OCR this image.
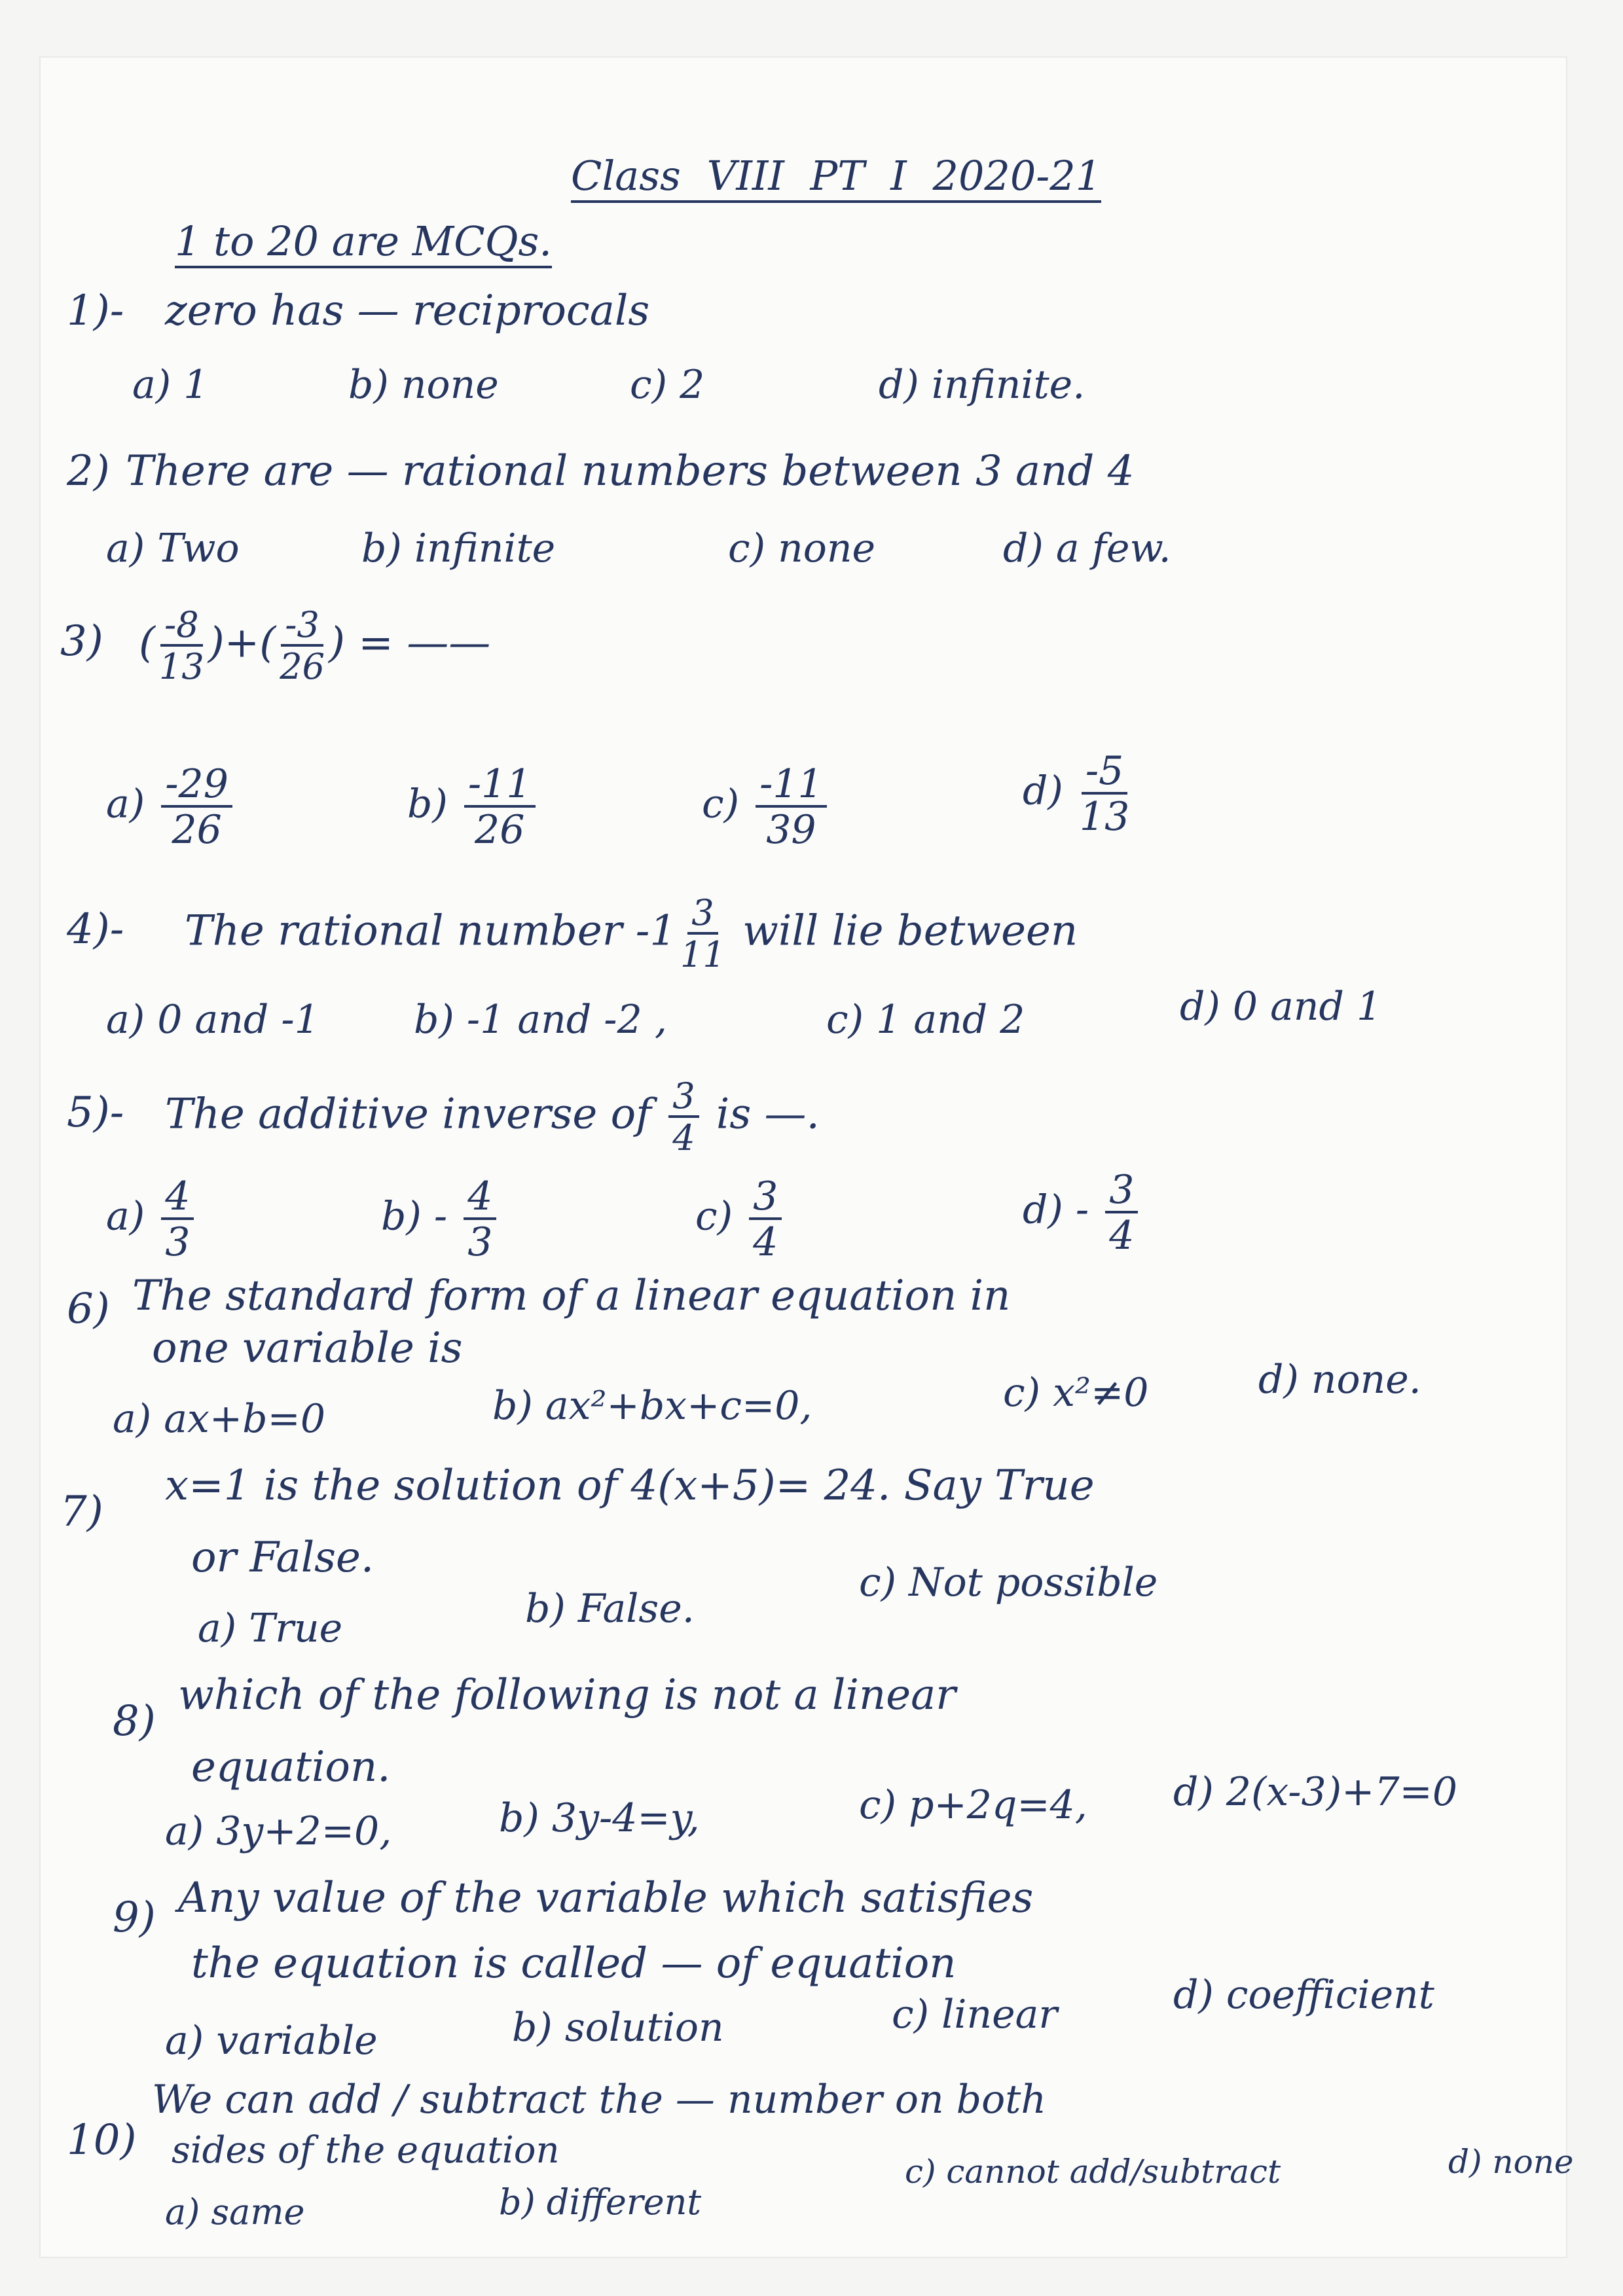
Class VIII PT I 2020-21
1 to 20 are MCQs.
1)- zero has — reciprocals
a) 1	b) none	c) 2	d) infinite.
2) There are — rational numbers between 3 and 4
a) Two	b) infinite	c) none	d) a few.
3) ( $\frac{-8}{13}$ )+( $\frac{-3}{26}$ ) = ——
$a) \frac{-29}{26}$	$b) \frac{-11}{26}$	$c) \frac{-11}{39}$	$d) \frac{-5}{13}$
4)- The rational number $-1 \frac{3}{11}$ will lie between
a) 0 and -1 b) -1 and -2 ,	c) 1 and 2	d) 0 and 1
5)- The additive inverse of $\frac{3}{4}$ is —.
$a) \frac{4}{3}$	$b) - \frac{4}{3}$	$c) \frac{3}{4}$	$d) - \frac{3}{4}$
6) The standard form of a linear equation in
one variable is
a) ax+b=0	b) ax²+bx+c=0,	c) x²≠0	d) none.
7)
x=1 is the solution of 4(x+5)= 24. Say True
or False.
a) True	b) False.
c) Not possible
8)
which of the following is not a linear
equation.
a) 3y+2=0,	b) 3y-4=y,	c) p+2q=4, d) 2(x-3)+7=0
9) Any value of the variable which satisfies
the equation is called — of equation
a) variable	b) solution	c) linear	d) coefficient
10)
We can add / subtract the — number on both
sides of the equation
a) same	b) different
c) cannot add/subtract	d) none
